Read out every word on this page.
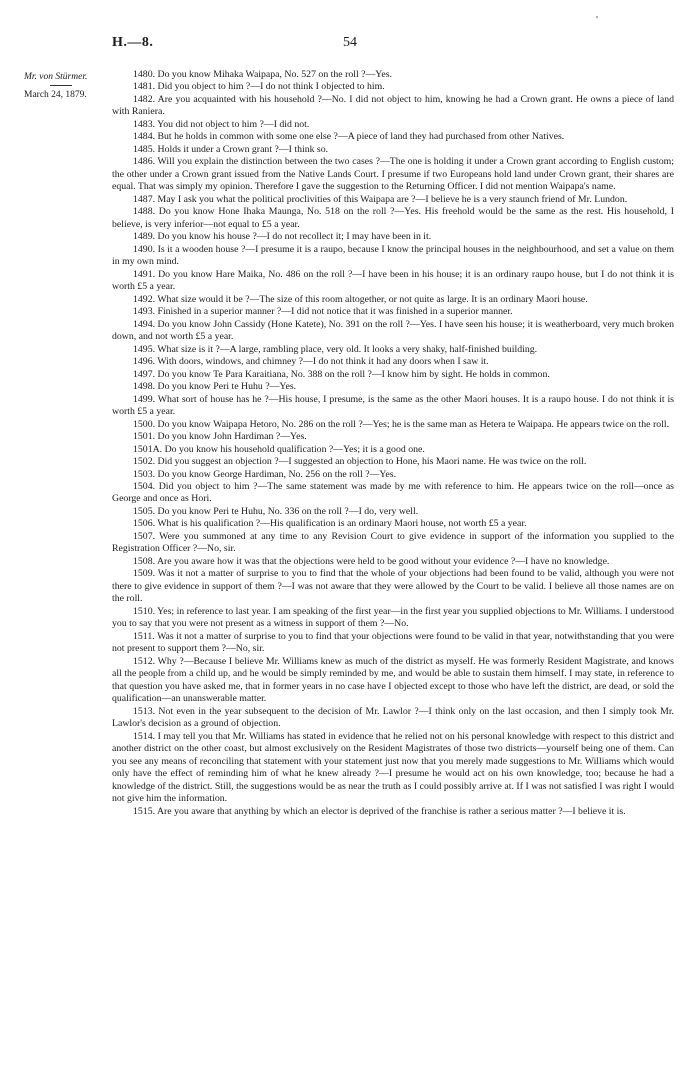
H.—8.	54
Mr. von Stürmer.
March 24, 1879.

1480. Do you know Mihaka Waipapa, No. 527 on the roll ?—Yes.

1481. Did you object to him ?—I do not think I objected to him.

1482. Are you acquainted with his household ?—No. I did not object to him, knowing he had a Crown grant. He owns a piece of land with Raniera.

1483. You did not object to him ?—I did not.

1484. But he holds in common with some one else ?—A piece of land they had purchased from other Natives.

1485. Holds it under a Crown grant ?—I think so.

1486. Will you explain the distinction between the two cases ?—The one is holding it under a Crown grant according to English custom; the other under a Crown grant issued from the Native Lands Court. I presume if two Europeans hold land under Crown grant, their shares are equal. That was simply my opinion. Therefore I gave the suggestion to the Returning Officer. I did not mention Waipapa's name.

1487. May I ask you what the political proclivities of this Waipapa are ?—I believe he is a very staunch friend of Mr. Lundon.

1488. Do you know Hone Ihaka Maunga, No. 518 on the roll ?—Yes. His freehold would be the same as the rest. His household, I believe, is very inferior—not equal to £5 a year.

1489. Do you know his house ?—I do not recollect it; I may have been in it.

1490. Is it a wooden house ?—I presume it is a raupo, because I know the principal houses in the neighbourhood, and set a value on them in my own mind.

1491. Do you know Hare Maika, No. 486 on the roll ?—I have been in his house; it is an ordinary raupo house, but I do not think it is worth £5 a year.

1492. What size would it be ?—The size of this room altogether, or not quite as large. It is an ordinary Maori house.

1493. Finished in a superior manner ?—I did not notice that it was finished in a superior manner.

1494. Do you know John Cassidy (Hone Katete), No. 391 on the roll ?—Yes. I have seen his house; it is weatherboard, very much broken down, and not worth £5 a year.

1495. What size is it ?—A large, rambling place, very old. It looks a very shaky, half-finished building.

1496. With doors, windows, and chimney ?—I do not think it had any doors when I saw it.

1497. Do you know Te Para Karaitiana, No. 388 on the roll ?—I know him by sight. He holds in common.

1498. Do you know Peri te Huhu ?—Yes.

1499. What sort of house has he ?—His house, I presume, is the same as the other Maori houses. It is a raupo house. I do not think it is worth £5 a year.

1500. Do you know Waipapa Hetoro, No. 286 on the roll ?—Yes; he is the same man as Hetera te Waipapa. He appears twice on the roll.

1501. Do you know John Hardiman ?—Yes.

1501A. Do you know his household qualification ?—Yes; it is a good one.

1502. Did you suggest an objection ?—I suggested an objection to Hone, his Maori name. He was twice on the roll.

1503. Do you know George Hardiman, No. 256 on the roll ?—Yes.

1504. Did you object to him ?—The same statement was made by me with reference to him. He appears twice on the roll—once as George and once as Hori.

1505. Do you know Peri te Huhu, No. 336 on the roll ?—I do, very well.

1506. What is his qualification ?—His qualification is an ordinary Maori house, not worth £5 a year.

1507. Were you summoned at any time to any Revision Court to give evidence in support of the information you supplied to the Registration Officer ?—No, sir.

1508. Are you aware how it was that the objections were held to be good without your evidence ?—I have no knowledge.

1509. Was it not a matter of surprise to you to find that the whole of your objections had been found to be valid, although you were not there to give evidence in support of them ?—I was not aware that they were allowed by the Court to be valid. I believe all those names are on the roll.

1510. Yes; in reference to last year. I am speaking of the first year—in the first year you supplied objections to Mr. Williams. I understood you to say that you were not present as a witness in support of them ?—No.

1511. Was it not a matter of surprise to you to find that your objections were found to be valid in that year, notwithstanding that you were not present to support them ?—No, sir.

1512. Why ?—Because I believe Mr. Williams knew as much of the district as myself. He was formerly Resident Magistrate, and knows all the people from a child up, and he would be simply reminded by me, and would be able to sustain them himself. I may state, in reference to that question you have asked me, that in former years in no case have I objected except to those who have left the district, are dead, or sold the qualification—an unanswerable matter.

1513. Not even in the year subsequent to the decision of Mr. Lawlor ?—I think only on the last occasion, and then I simply took Mr. Lawlor's decision as a ground of objection.

1514. I may tell you that Mr. Williams has stated in evidence that he relied not on his personal knowledge with respect to this district and another district on the other coast, but almost exclusively on the Resident Magistrates of those two districts—yourself being one of them. Can you see any means of reconciling that statement with your statement just now that you merely made suggestions to Mr. Williams which would only have the effect of reminding him of what he knew already ?—I presume he would act on his own knowledge, too; because he had a knowledge of the district. Still, the suggestions would be as near the truth as I could possibly arrive at. If I was not satisfied I was right I would not give him the information.

1515. Are you aware that anything by which an elector is deprived of the franchise is rather a serious matter ?—I believe it is.
